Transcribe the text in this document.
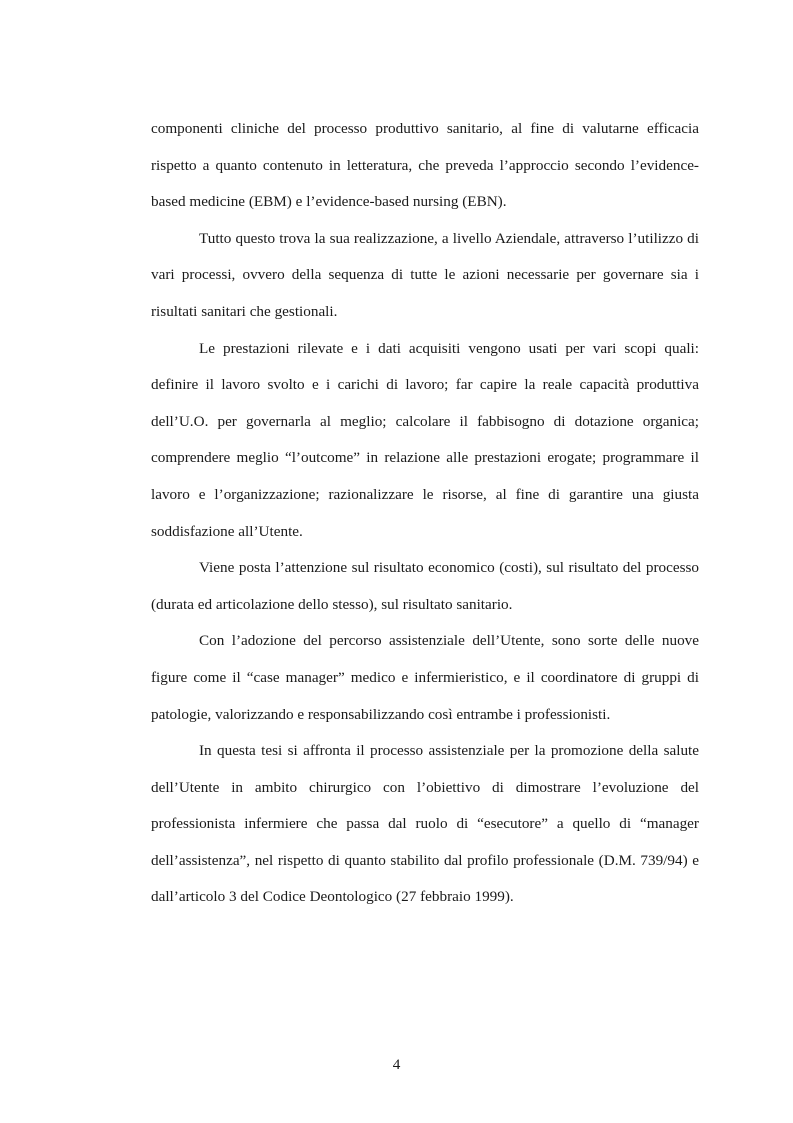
componenti cliniche del processo produttivo sanitario, al fine di valutarne efficacia rispetto a quanto contenuto in letteratura, che preveda l’approccio secondo l’evidence-based medicine (EBM) e l’evidence-based nursing (EBN).

Tutto questo trova la sua realizzazione, a livello Aziendale, attraverso l’utilizzo di vari processi, ovvero della sequenza di tutte le azioni necessarie per governare sia i risultati sanitari che gestionali.

Le prestazioni rilevate e i dati acquisiti vengono usati per vari scopi quali: definire il lavoro svolto e i carichi di lavoro; far capire la reale capacità produttiva dell’U.O. per governarla al meglio; calcolare il fabbisogno di dotazione organica; comprendere meglio “l’outcome” in relazione alle prestazioni erogate; programmare il lavoro e l’organizzazione; razionalizzare le risorse, al fine di garantire una giusta soddisfazione all’Utente.

Viene posta l’attenzione sul risultato economico (costi), sul risultato del processo (durata ed articolazione dello stesso), sul risultato sanitario.

Con l’adozione del percorso assistenziale dell’Utente, sono sorte delle nuove figure come il “case manager” medico e infermieristico, e il coordinatore di gruppi di patologie, valorizzando e responsabilizzando così entrambe i professionisti.

In questa tesi si affronta il processo assistenziale per la promozione della salute dell’Utente in ambito chirurgico con l’obiettivo di dimostrare l’evoluzione del professionista infermiere che passa dal ruolo di “esecutore” a quello di “manager dell’assistenza”, nel rispetto di quanto stabilito dal profilo professionale (D.M. 739/94) e dall’articolo 3 del Codice Deontologico (27 febbraio 1999).

4
